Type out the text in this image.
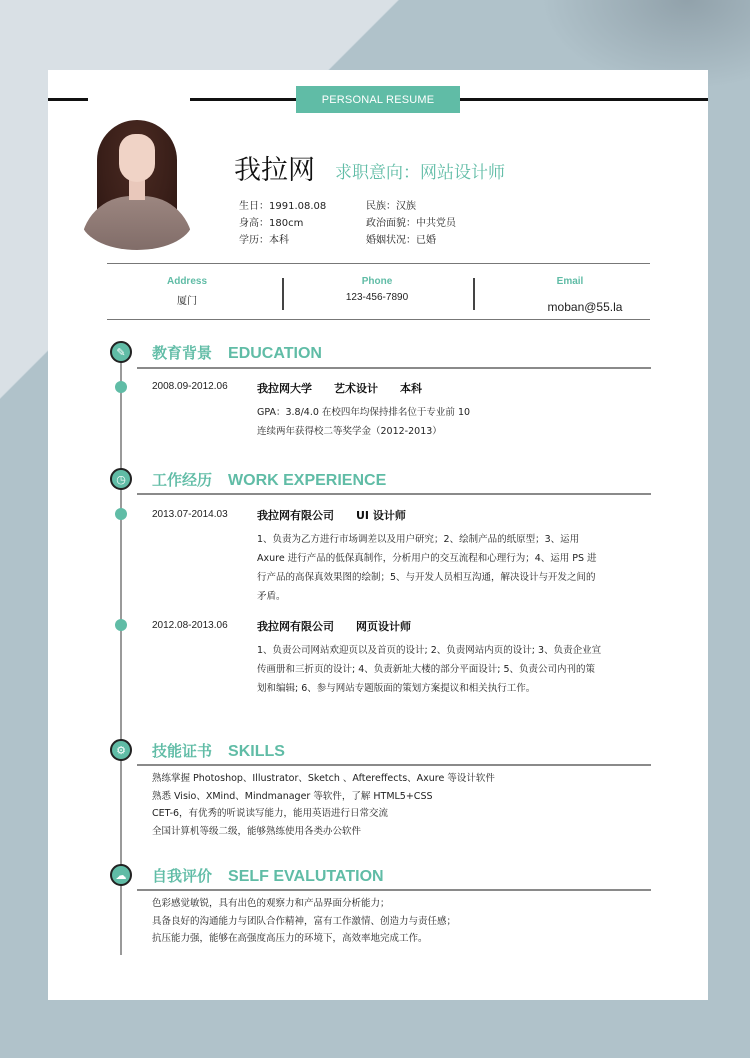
PERSONAL RESUME
我拉网 求职意向：网站设计师
生日：1991.08.08
身高：180cm
学历：本科
民族：汉族
政治面貌：中共党员
婚姻状况：已婚
Address
厦门
Phone
123-456-7890
Email
moban@55.la
✎	教育背景 EDUCATION
2008.09-2012.06	我拉网大学 艺术设计 本科
GPA：3.8/4.0 在校四年均保持排名位于专业前 10
连续两年获得校二等奖学金（2012-2013）
◷	工作经历 WORK EXPERIENCE
2013.07-2014.03	我拉网有限公司 UI 设计师
1、负责为乙方进行市场调差以及用户研究；2、绘制产品的纸原型；3、运用 Axure 进行产品的低保真制作，分析用户的交互流程和心理行为；4、运用 PS 进行产品的高保真效果图的绘制；5、与开发人员相互沟通，解决设计与开发之间的矛盾。
2012.08-2013.06	我拉网有限公司 网页设计师
1、负责公司网站欢迎页以及首页的设计; 2、负责网站内页的设计; 3、负责企业宣传画册和三折页的设计; 4、负责新址大楼的部分平面设计; 5、负责公司内刊的策划和编辑; 6、参与网站专题版面的策划方案提议和相关执行工作。
⚙	技能证书 SKILLS
熟练掌握 Photoshop、Illustrator、Sketch 、Aftereffects、Axure 等设计软件
熟悉 Visio、XMind、Mindmanager 等软件，了解 HTML5+CSS
CET-6，有优秀的听说读写能力，能用英语进行日常交流
全国计算机等级二级，能够熟练使用各类办公软件
☁	自我评价 SELF EVALUTATION
色彩感觉敏锐，具有出色的观察力和产品界面分析能力；
具备良好的沟通能力与团队合作精神，富有工作激情、创造力与责任感；
抗压能力强，能够在高强度高压力的环境下，高效率地完成工作。
